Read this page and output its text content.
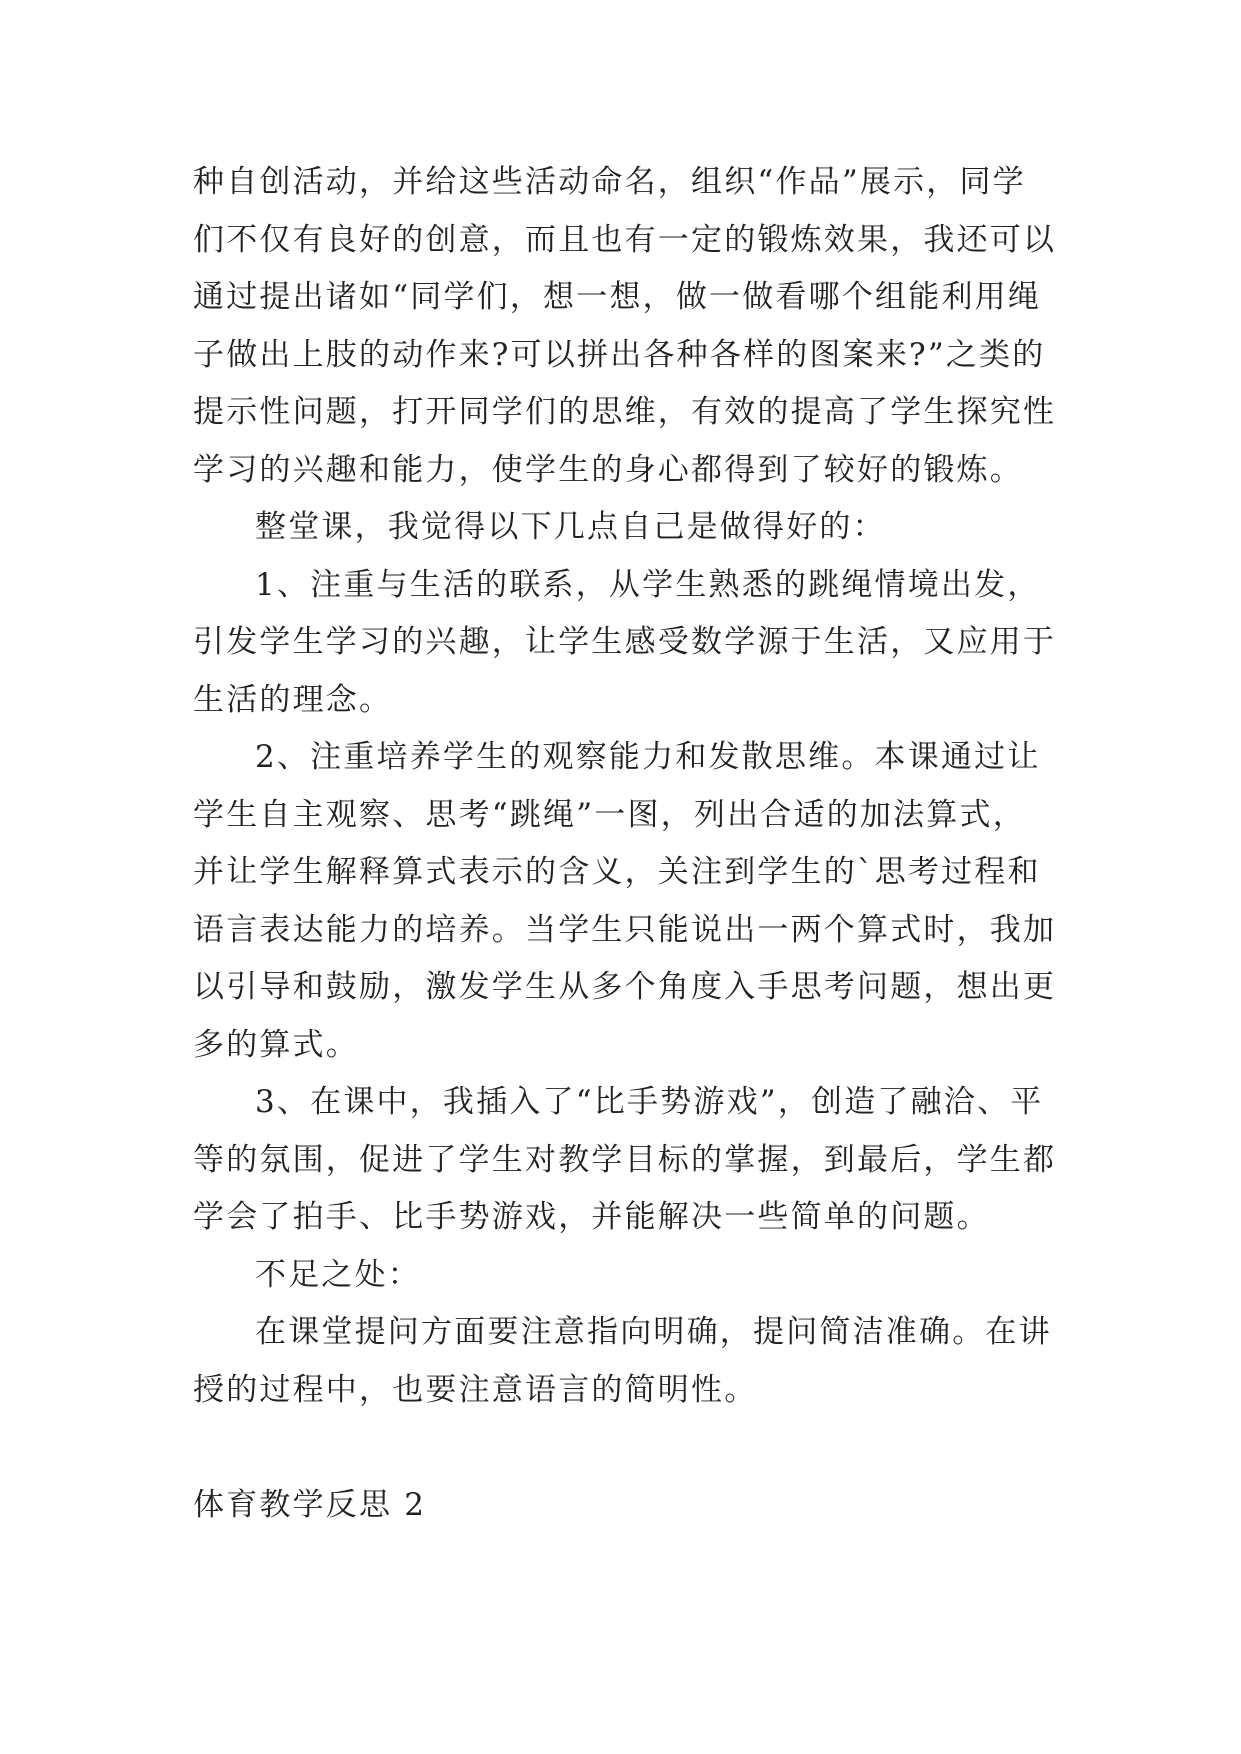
种自创活动，并给这些活动命名，组织“作品”展示，同学
们不仅有良好的创意，而且也有一定的锻炼效果，我还可以
通过提出诸如“同学们，想一想，做一做看哪个组能利用绳
子做出上肢的动作来?可以拼出各种各样的图案来?”之类的
提示性问题，打开同学们的思维，有效的提高了学生探究性
学习的兴趣和能力，使学生的身心都得到了较好的锻炼。
整堂课，我觉得以下几点自己是做得好的：
1、注重与生活的联系，从学生熟悉的跳绳情境出发，
引发学生学习的兴趣，让学生感受数学源于生活，又应用于
生活的理念。
2、注重培养学生的观察能力和发散思维。本课通过让
学生自主观察、思考“跳绳”一图，列出合适的加法算式，
并让学生解释算式表示的含义，关注到学生的`思考过程和
语言表达能力的培养。当学生只能说出一两个算式时，我加
以引导和鼓励，激发学生从多个角度入手思考问题，想出更
多的算式。
3、在课中，我插入了“比手势游戏”，创造了融洽、平
等的氛围，促进了学生对教学目标的掌握，到最后，学生都
学会了拍手、比手势游戏，并能解决一些简单的问题。
不足之处：
在课堂提问方面要注意指向明确，提问简洁准确。在讲
授的过程中，也要注意语言的简明性。
体育教学反思 2
